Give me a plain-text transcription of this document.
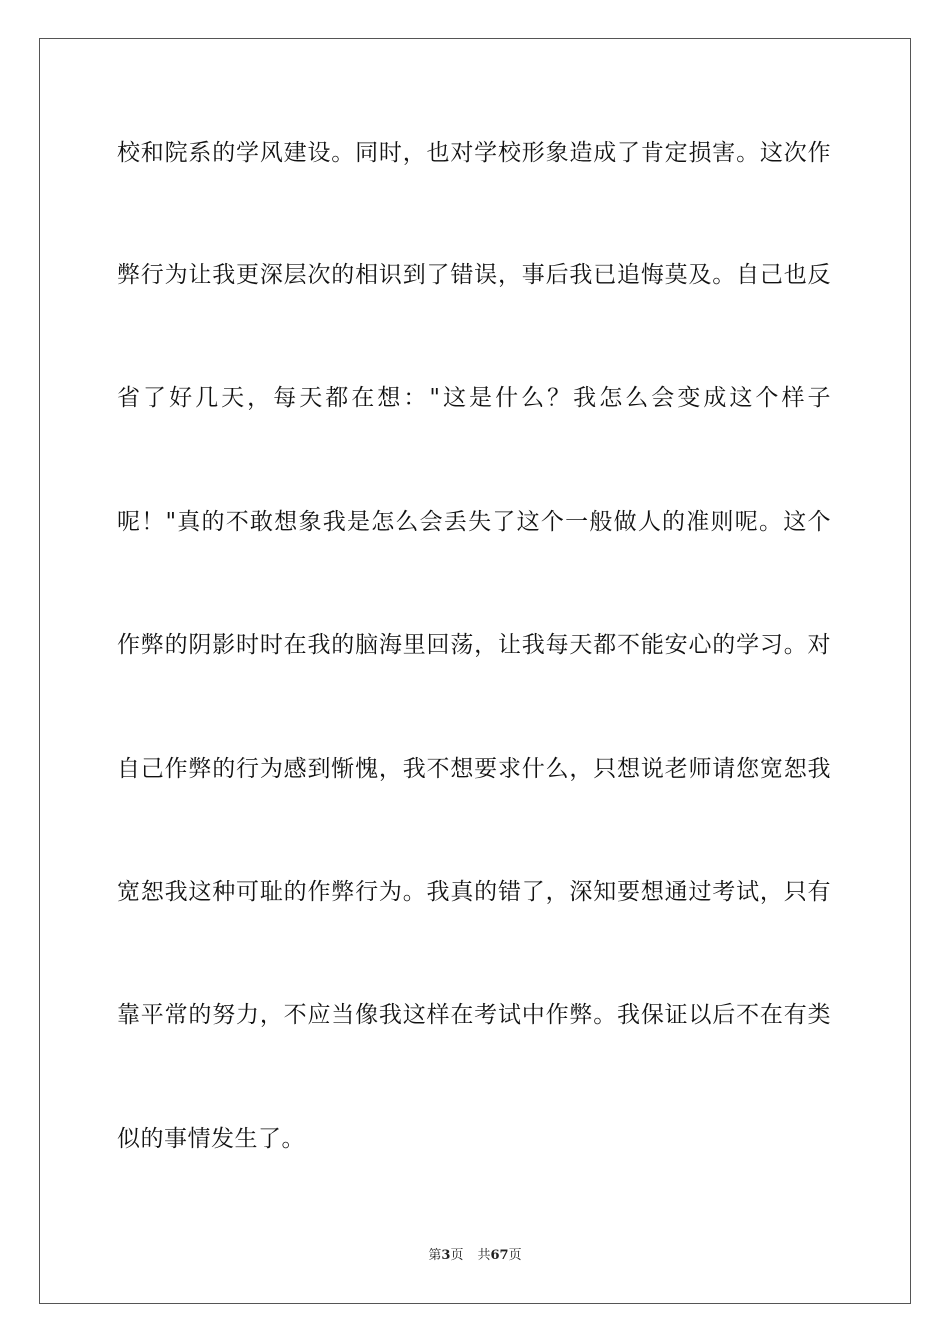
校和院系的学风建设。同时，也对学校形象造成了肯定损害。这次作
弊行为让我更深层次的相识到了错误，事后我已追悔莫及。自己也反
省了好几天，每天都在想："这是什么？我怎么会变成这个样子
呢！"真的不敢想象我是怎么会丢失了这个一般做人的准则呢。这个
作弊的阴影时时在我的脑海里回荡，让我每天都不能安心的学习。对
自己作弊的行为感到惭愧，我不想要求什么，只想说老师请您宽恕我
宽恕我这种可耻的作弊行为。我真的错了，深知要想通过考试，只有
靠平常的努力，不应当像我这样在考试中作弊。我保证以后不在有类
似的事情发生了。
第3页 共67页
